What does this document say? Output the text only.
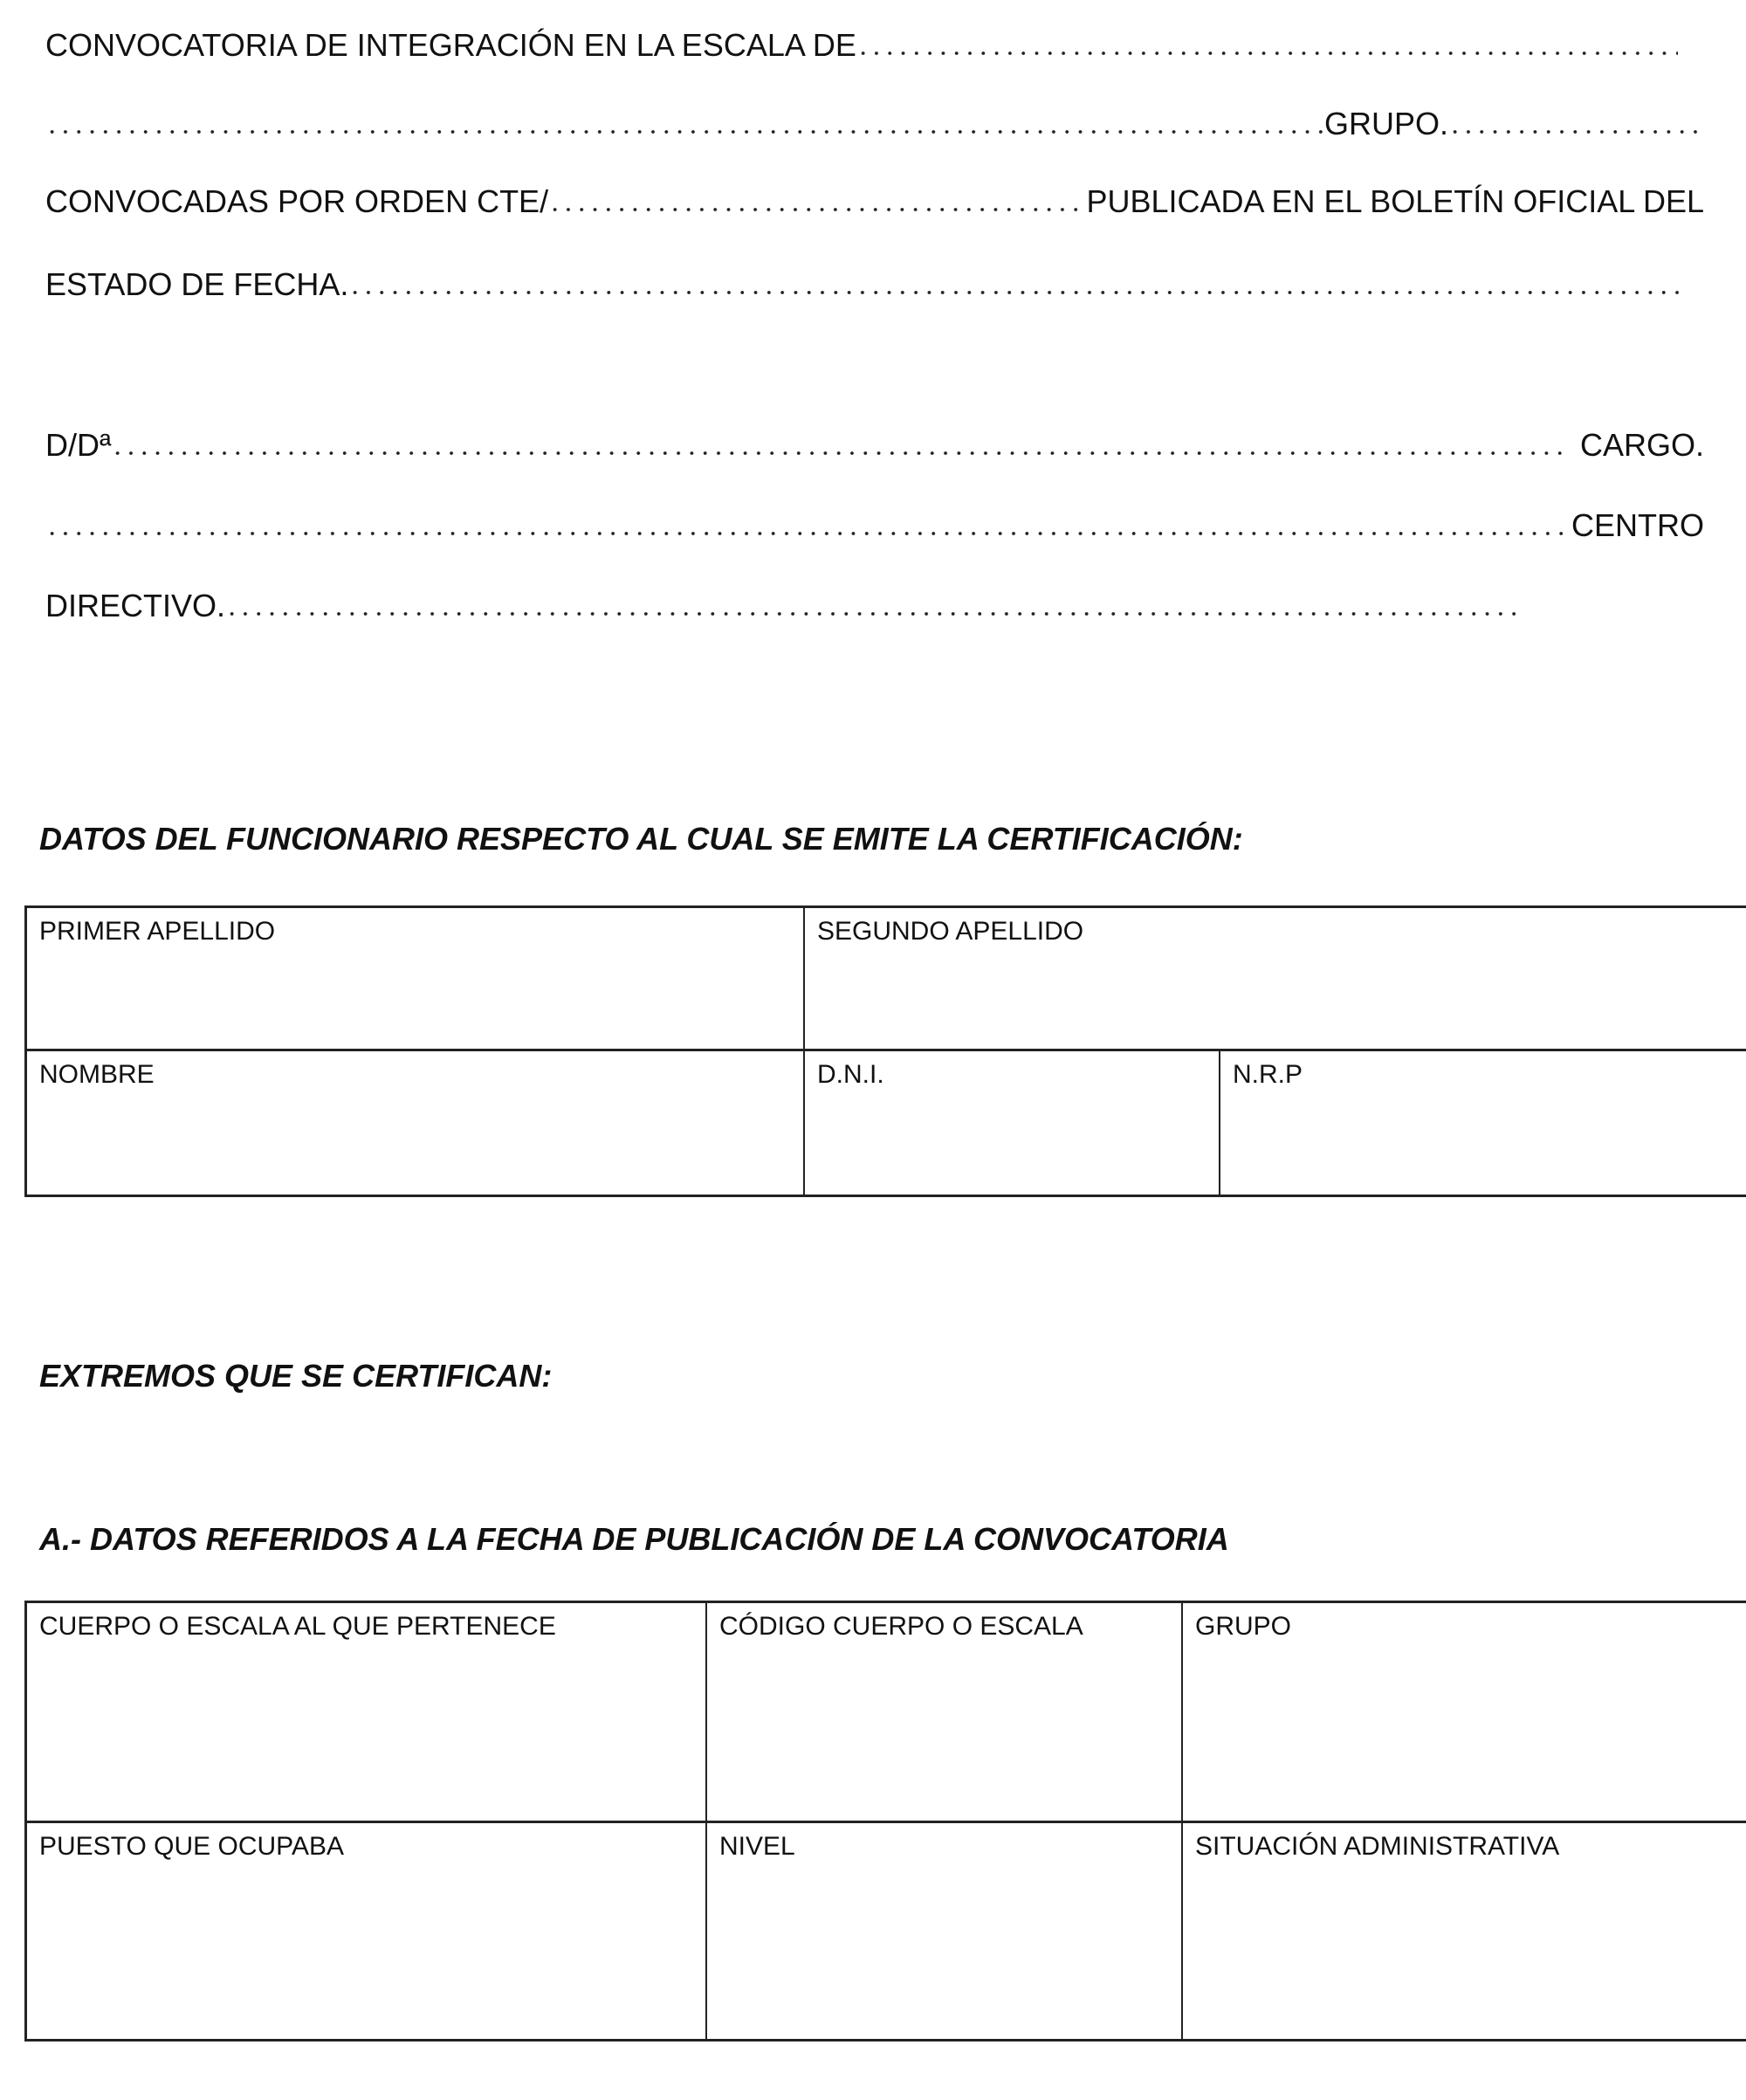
CONVOCATORIA DE INTEGRACIÓN EN LA ESCALA DE
GRUPO.
CONVOCADAS POR ORDEN CTE/	PUBLICADA EN EL BOLETÍN OFICIAL DEL
ESTADO DE FECHA.
D/Dª	CARGO.
CENTRO
DIRECTIVO.
DATOS DEL FUNCIONARIO RESPECTO AL CUAL SE EMITE LA CERTIFICACIÓN:
PRIMER APELLIDO	SEGUNDO APELLIDO
NOMBRE	D.N.I.	N.R.P
EXTREMOS QUE SE CERTIFICAN:
A.- DATOS REFERIDOS A LA FECHA DE PUBLICACIÓN DE LA CONVOCATORIA
CUERPO O ESCALA AL QUE PERTENECE	CÓDIGO CUERPO O ESCALA	GRUPO
PUESTO QUE OCUPABA	NIVEL	SITUACIÓN ADMINISTRATIVA
